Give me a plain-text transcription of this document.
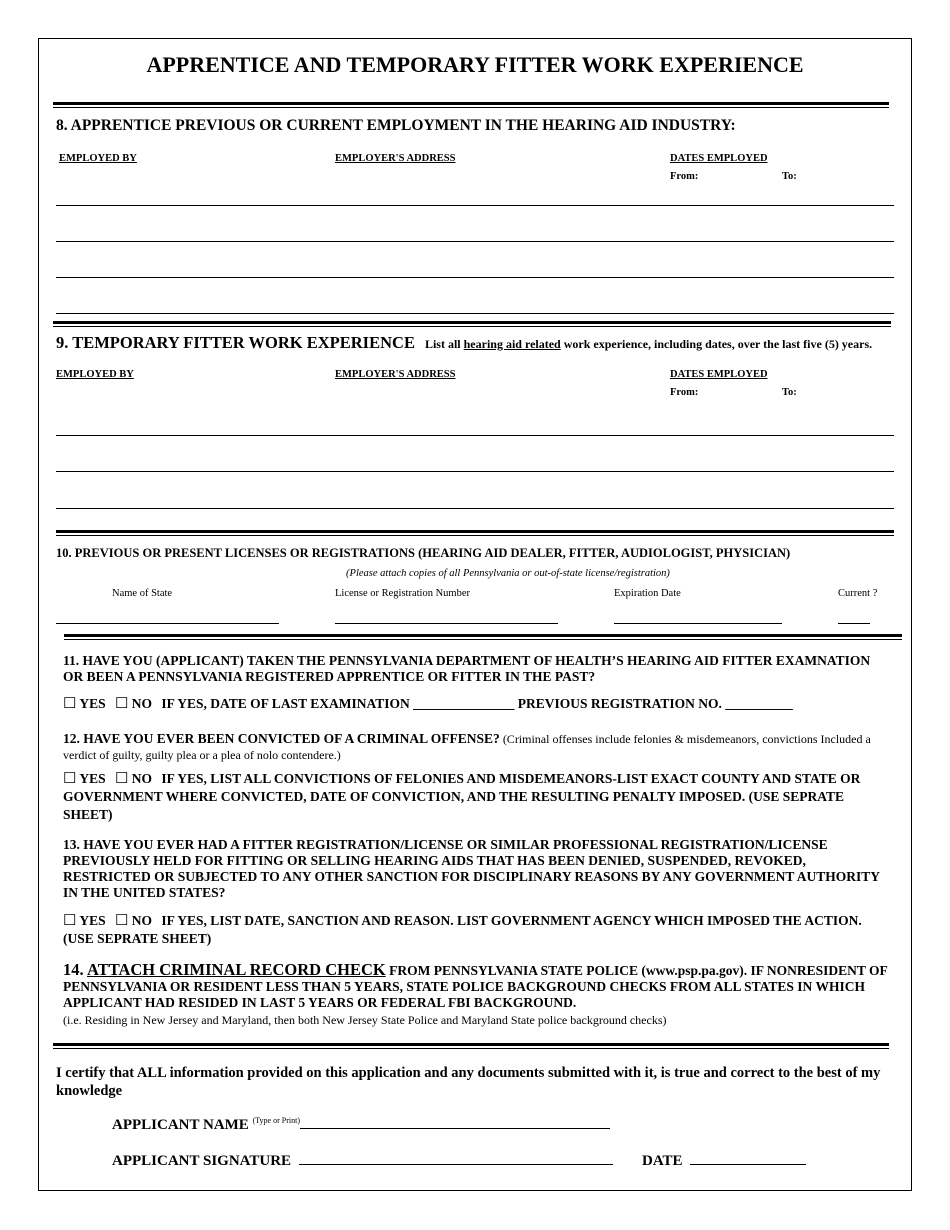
APPRENTICE AND TEMPORARY FITTER WORK EXPERIENCE
8. APPRENTICE PREVIOUS OR CURRENT EMPLOYMENT IN THE HEARING AID INDUSTRY:
EMPLOYED BY	EMPLOYER'S ADDRESS	DATES EMPLOYED
From:	To:
9. TEMPORARY FITTER WORK EXPERIENCE List all hearing aid related work experience, including dates, over the last five (5) years.
EMPLOYED BY	EMPLOYER'S ADDRESS	DATES EMPLOYED
From:	To:
10. PREVIOUS OR PRESENT LICENSES OR REGISTRATIONS (HEARING AID DEALER, FITTER, AUDIOLOGIST, PHYSICIAN)
(Please attach copies of all Pennsylvania or out-of-state license/registration)
Name of State	License or Registration Number	Expiration Date	Current ?
11. HAVE YOU (APPLICANT) TAKEN THE PENNSYLVANIA DEPARTMENT OF HEALTH’S HEARING AID FITTER EXAMNATION OR BEEN A PENNSYLVANIA REGISTERED APPRENTICE OR FITTER IN THE PAST?
☐ YES ☐ NO IF YES, DATE OF LAST EXAMINATION _______________ PREVIOUS REGISTRATION NO. __________
12. HAVE YOU EVER BEEN CONVICTED OF A CRIMINAL OFFENSE? (Criminal offenses include felonies & misdemeanors, convictions Included a verdict of guilty, guilty plea or a plea of nolo contendere.)
☐ YES ☐ NO IF YES, LIST ALL CONVICTIONS OF FELONIES AND MISDEMEANORS-LIST EXACT COUNTY AND STATE OR GOVERNMENT WHERE CONVICTED, DATE OF CONVICTION, AND THE RESULTING PENALTY IMPOSED. (USE SEPRATE SHEET)
13. HAVE YOU EVER HAD A FITTER REGISTRATION/LICENSE OR SIMILAR PROFESSIONAL REGISTRATION/LICENSE PREVIOUSLY HELD FOR FITTING OR SELLING HEARING AIDS THAT HAS BEEN DENIED, SUSPENDED, REVOKED, RESTRICTED OR SUBJECTED TO ANY OTHER SANCTION FOR DISCIPLINARY REASONS BY ANY GOVERNMENT AUTHORITY IN THE UNITED STATES?
☐ YES ☐ NO IF YES, LIST DATE, SANCTION AND REASON. LIST GOVERNMENT AGENCY WHICH IMPOSED THE ACTION. (USE SEPRATE SHEET)
14. ATTACH CRIMINAL RECORD CHECK FROM PENNSYLVANIA STATE POLICE (www.psp.pa.gov). IF NONRESIDENT OF PENNSYLVANIA OR RESIDENT LESS THAN 5 YEARS, STATE POLICE BACKGROUND CHECKS FROM ALL STATES IN WHICH APPLICANT HAD RESIDED IN LAST 5 YEARS OR FEDERAL FBI BACKGROUND.
(i.e. Residing in New Jersey and Maryland, then both New Jersey State Police and Maryland State police background checks)
I certify that ALL information provided on this application and any documents submitted with it, is true and correct to the best of my knowledge
APPLICANT NAME $^{(Type or Print)}$
APPLICANT SIGNATURE	DATE
